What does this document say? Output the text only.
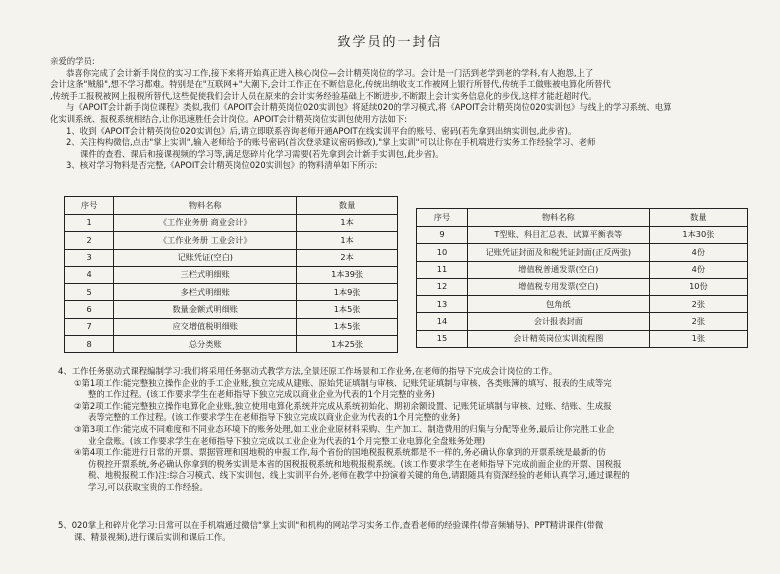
致学员的一封信

亲爱的学员:

恭喜你完成了会计新手岗位的实习工作,接下来将开始真正进入核心岗位—会计精英岗位的学习。会计是一门活到老学到老的学科,有人抱怨,上了

会计这条"贼船",想不学习都难。特别是在"互联网+"大潮下,会计工作正在不断信息化,传统出纳收支工作被网上银行所替代,传统手工做账被电算化所替代

,传统手工报税被网上报税所替代,这些促使我们会计人员在原来的会计实务经验基础上不断进步,不断跟上会计实务信息化的步伐,这样才能赶超时代。

与《APOIT会计新手岗位课程》类似,我们《APOIT会计精英岗位020实训包》将延续020的学习模式,将《APOIT会计精英岗位020实训包》与线上的学习系统、电算

化实训系统、报税系统相结合,让你迅速胜任会计岗位。APOIT会计精英岗位实训包使用方法如下:

1、收到《APOIT会计精英岗位020实训包》后,请立即联系咨询老师开通APOIT在线实训平台的账号、密码(若先拿到出纳实训包,此步省)。

2、关注构构微信,点击"掌上实训",输入老师给予的账号密码(首次登录建议密码修改),"掌上实训"可以让你在手机端进行实务工作经验学习、老师

课件的查看、课后和接课视频的学习等,满足您碎片化学习需要(若先拿到会计新手实训包,此步省)。

3、核对学习物料是否完整,《APOIT会计精英岗位020实训包》的物料清单如下所示:

序号	物料名称	数量
1	《工作业务册 商业会计》	1本
2	《工作业务册 工业会计》	1本
3	记账凭证(空白)	2本
4	三栏式明细账	1本39张
5	多栏式明细账	1本9张
6	数量金额式明细账	1本5张
7	应交增值税明细账	1本5张
8	总分类账	1本25张
序号	物料名称	数量
9	T型账、科目汇总表、试算平衡表等	1本30张
10	记账凭证封面及和税凭证封面(正反两张)	4份
11	增值税普通发票(空白)	4份
12	增值税专用发票(空白)	10份
13	包角纸	2张
14	会计报表封面	2张
15	会计精英岗位实训流程图	1张

4、工作任务驱动式课程编制学习:我们将采用任务驱动式教学方法,全景还原工作场景和工作业务,在老师的指导下完成会计岗位的工作。

①第1项工作:能完整独立操作企业的手工企业账,独立完成从建账、原始凭证填制与审核、记账凭证填制与审核、各类账簿的填写、报表的生成等完

整的工作过程。(该工作要求学生在老师指导下独立完成以商业企业为代表的1个月完整的业务)

②第2项工作:能完整独立操作电算化企业账,独立使用电算化系统并完成从系统初始化、期初余额设置、记账凭证填制与审核、过账、结账、生成报

表等完整的工作过程。(该工作要求学生在老师指导下独立完成以商业企业为代表的1个月完整的业务)

③第3项工作:能完成不同难度和不同业态环境下的账务处理,如工业企业原材料采购、生产加工、制造费用的归集与分配等业务,最后让你完胜工业企

业全盘账。(该工作要求学生在老师指导下独立完成以工业企业为代表的1个月完整工业电算化全盘账务处理)

④第4项工作:能进行日常的开票、票据管理和国地税的申报工作,每个省份的国地税报税系统都是不一样的,务必确认你拿到的开票系统是最新的仿

仿税控开票系统,务必确认你拿到的税务实训是本省的国税报税系统和地税报税系统。(该工作要求学生在老师指导下完成前面企业的开票、国税报

税、地税报税工作)注:综合习模式、线下实训包、线上实训平台外,老师在教学中扮演着关键的角色,请跟随具有资深经验的老师认真学习,通过课程的

学习,可以获取宝贵的工作经验。

5、020掌上和碎片化学习:日常可以在手机端通过微信"掌上实训"和机构的网站学习实务工作,查看老师的经验课件(带音频辅导)、PPT精讲课件(带微

课、精景视频),进行课后实训和课后工作。
